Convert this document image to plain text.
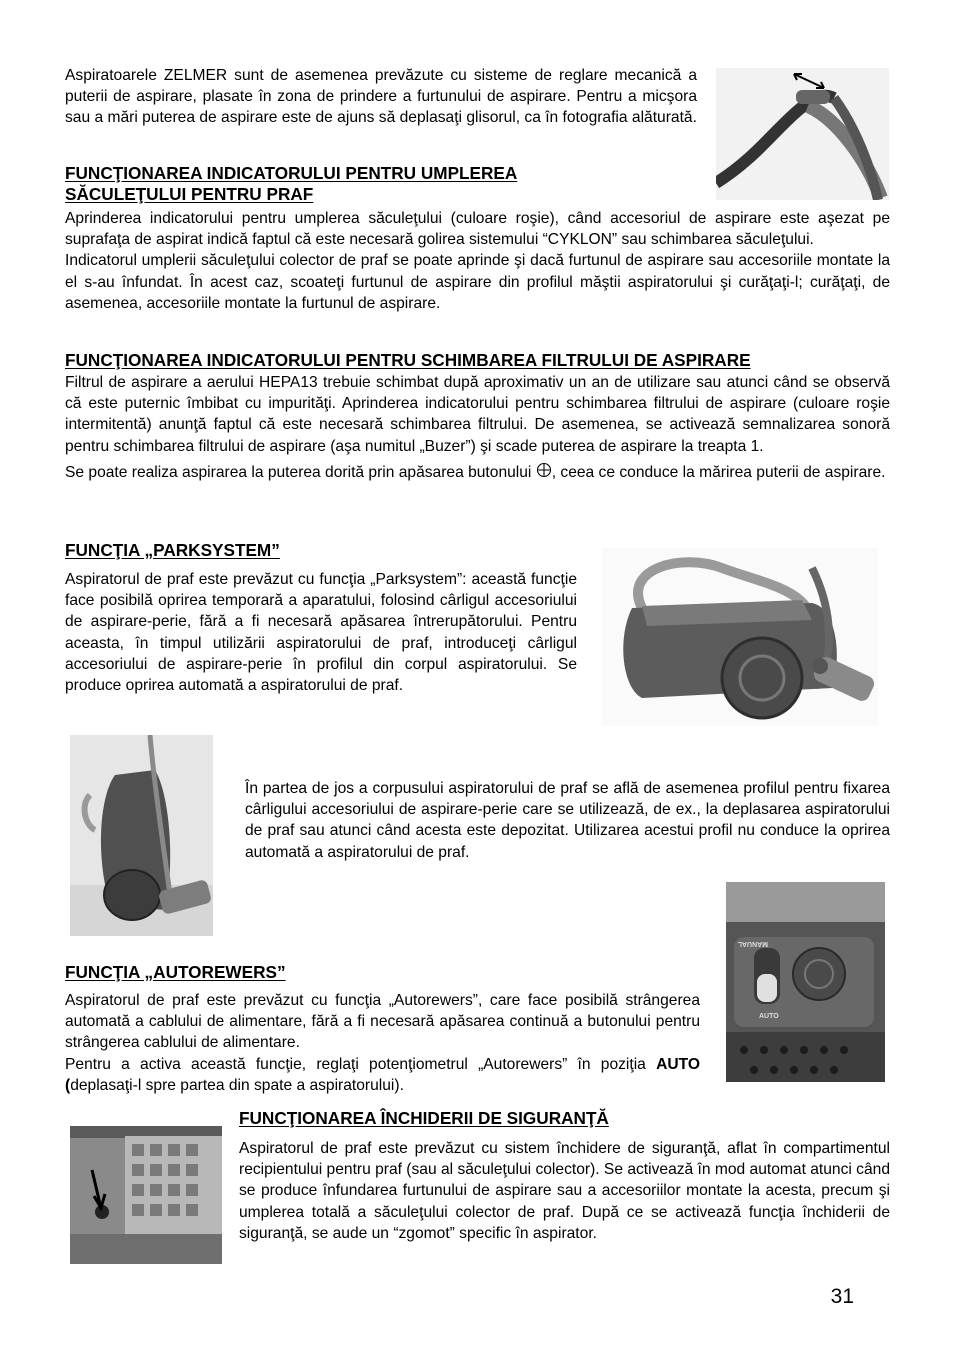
Aspiratoarele ZELMER sunt de asemenea prevăzute cu sisteme de reglare mecanică a puterii de aspirare, plasate în zona de prindere a furtunului de aspirare. Pentru a micşora sau a mări puterea de aspirare este de ajuns să deplasaţi glisorul, ca în fotografia alăturată.

FUNCŢIONAREA INDICATORULUI PENTRU UMPLEREA
SĂCULEŢULUI PENTRU PRAF

Aprinderea indicatorului pentru umplerea săculeţului (culoare roşie), când accesoriul de aspirare este aşezat pe suprafaţa de aspirat indică faptul că este necesară golirea sistemului “CYKLON” sau schimbarea săculeţului.

Indicatorul umplerii săculeţului colector de praf se poate aprinde şi dacă furtunul de aspirare sau accesoriile montate la el s-au înfundat. În acest caz, scoateţi furtunul de aspirare din profilul măştii aspiratorului şi curăţaţi-l; curăţaţi, de asemenea, accesoriile montate la furtunul de aspirare.

FUNCŢIONAREA INDICATORULUI PENTRU SCHIMBAREA FILTRULUI DE ASPIRARE

Filtrul de aspirare a aerului HEPA13 trebuie schimbat după aproximativ un an de utilizare sau atunci când se observă că este puternic îmbibat cu impurităţi. Aprinderea indicatorului pentru schimbarea filtrului de aspirare (culoare roşie intermitentă) anunţă faptul că este necesară schimbarea filtrului. De asemenea, se activează semnalizarea sonoră pentru schimbarea filtrului de aspirare (aşa numitul „Buzer”) şi scade puterea de aspirare la treapta 1.

Se poate realiza aspirarea la puterea dorită prin apăsarea butonului , ceea ce conduce la mărirea puterii de aspirare.

FUNCŢIA „PARKSYSTEM”

Aspiratorul de praf este prevăzut cu funcţia „Parksystem”: această funcţie face posibilă oprirea temporară a aparatului, folosind cârligul accesoriului de aspirare-perie, fără a fi necesară apăsarea întrerupătorului. Pentru aceasta, în timpul utilizării aspiratorului de praf, introduceţi cârligul accesoriului de aspirare-perie în profilul din corpul aspiratorului. Se produce oprirea automată a aspiratorului de praf.

În partea de jos a corpusului aspiratorului de praf se află de asemenea profilul pentru fixarea cârligului accesoriului de aspirare-perie care se utilizează, de ex., la deplasarea aspiratorului de praf sau atunci când acesta este depozitat. Utilizarea acestui profil nu conduce la oprirea automată a aspiratorului de praf.

MANUAL
AUTO
FUNCŢIA „AUTOREWERS”

Aspiratorul de praf este prevăzut cu funcţia „Autorewers”, care face posibilă strângerea automată a cablului de alimentare, fără a fi necesară apăsarea continuă a butonului pentru strângerea cablului de alimentare.

Pentru a activa această funcţie, reglaţi potenţiometrul „Autorewers” în poziţia AUTO (deplasaţi-l spre partea din spate a aspiratorului).

FUNCŢIONAREA ÎNCHIDERII DE SIGURANŢĂ

Aspiratorul de praf este prevăzut cu sistem închidere de siguranţă, aflat în compartimentul recipientului pentru praf (sau al săculeţului colector). Se activează în mod automat atunci când se produce înfundarea furtunului de aspirare sau a accesoriilor montate la acesta, precum şi umplerea totală a săculeţului colector de praf. După ce se activează funcţia închiderii de siguranţă, se aude un “zgomot” specific în aspirator.

31
